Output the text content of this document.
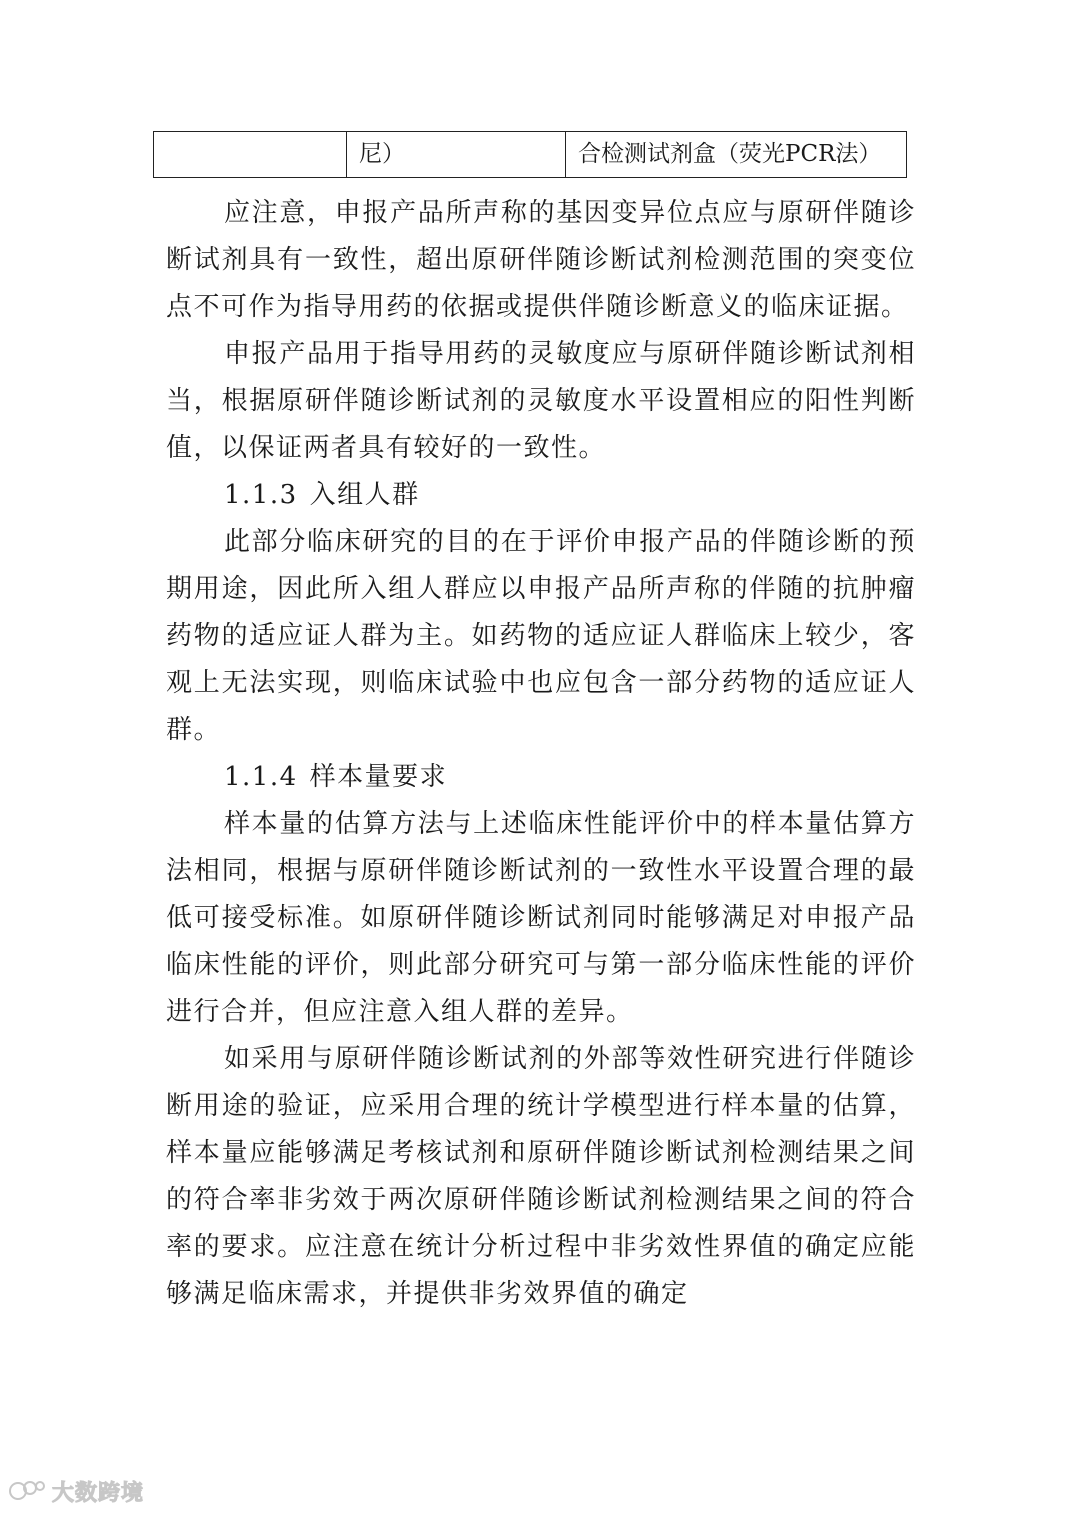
	尼）	合检测试剂盒（荧光PCR法）

应注意，申报产品所声称的基因变异位点应与原研伴随诊断试剂具有一致性，超出原研伴随诊断试剂检测范围的突变位点不可作为指导用药的依据或提供伴随诊断意义的临床证据。

申报产品用于指导用药的灵敏度应与原研伴随诊断试剂相当，根据原研伴随诊断试剂的灵敏度水平设置相应的阳性判断值，以保证两者具有较好的一致性。

1.1.3 入组人群

此部分临床研究的目的在于评价申报产品的伴随诊断的预期用途，因此所入组人群应以申报产品所声称的伴随的抗肿瘤药物的适应证人群为主。如药物的适应证人群临床上较少，客观上无法实现，则临床试验中也应包含一部分药物的适应证人群。

1.1.4 样本量要求

样本量的估算方法与上述临床性能评价中的样本量估算方法相同，根据与原研伴随诊断试剂的一致性水平设置合理的最低可接受标准。如原研伴随诊断试剂同时能够满足对申报产品临床性能的评价，则此部分研究可与第一部分临床性能的评价进行合并，但应注意入组人群的差异。

如采用与原研伴随诊断试剂的外部等效性研究进行伴随诊断用途的验证，应采用合理的统计学模型进行样本量的估算，样本量应能够满足考核试剂和原研伴随诊断试剂检测结果之间的符合率非劣效于两次原研伴随诊断试剂检测结果之间的符合率的要求。应注意在统计分析过程中非劣效性界值的确定应能够满足临床需求，并提供非劣效界值的确定

大数跨境
